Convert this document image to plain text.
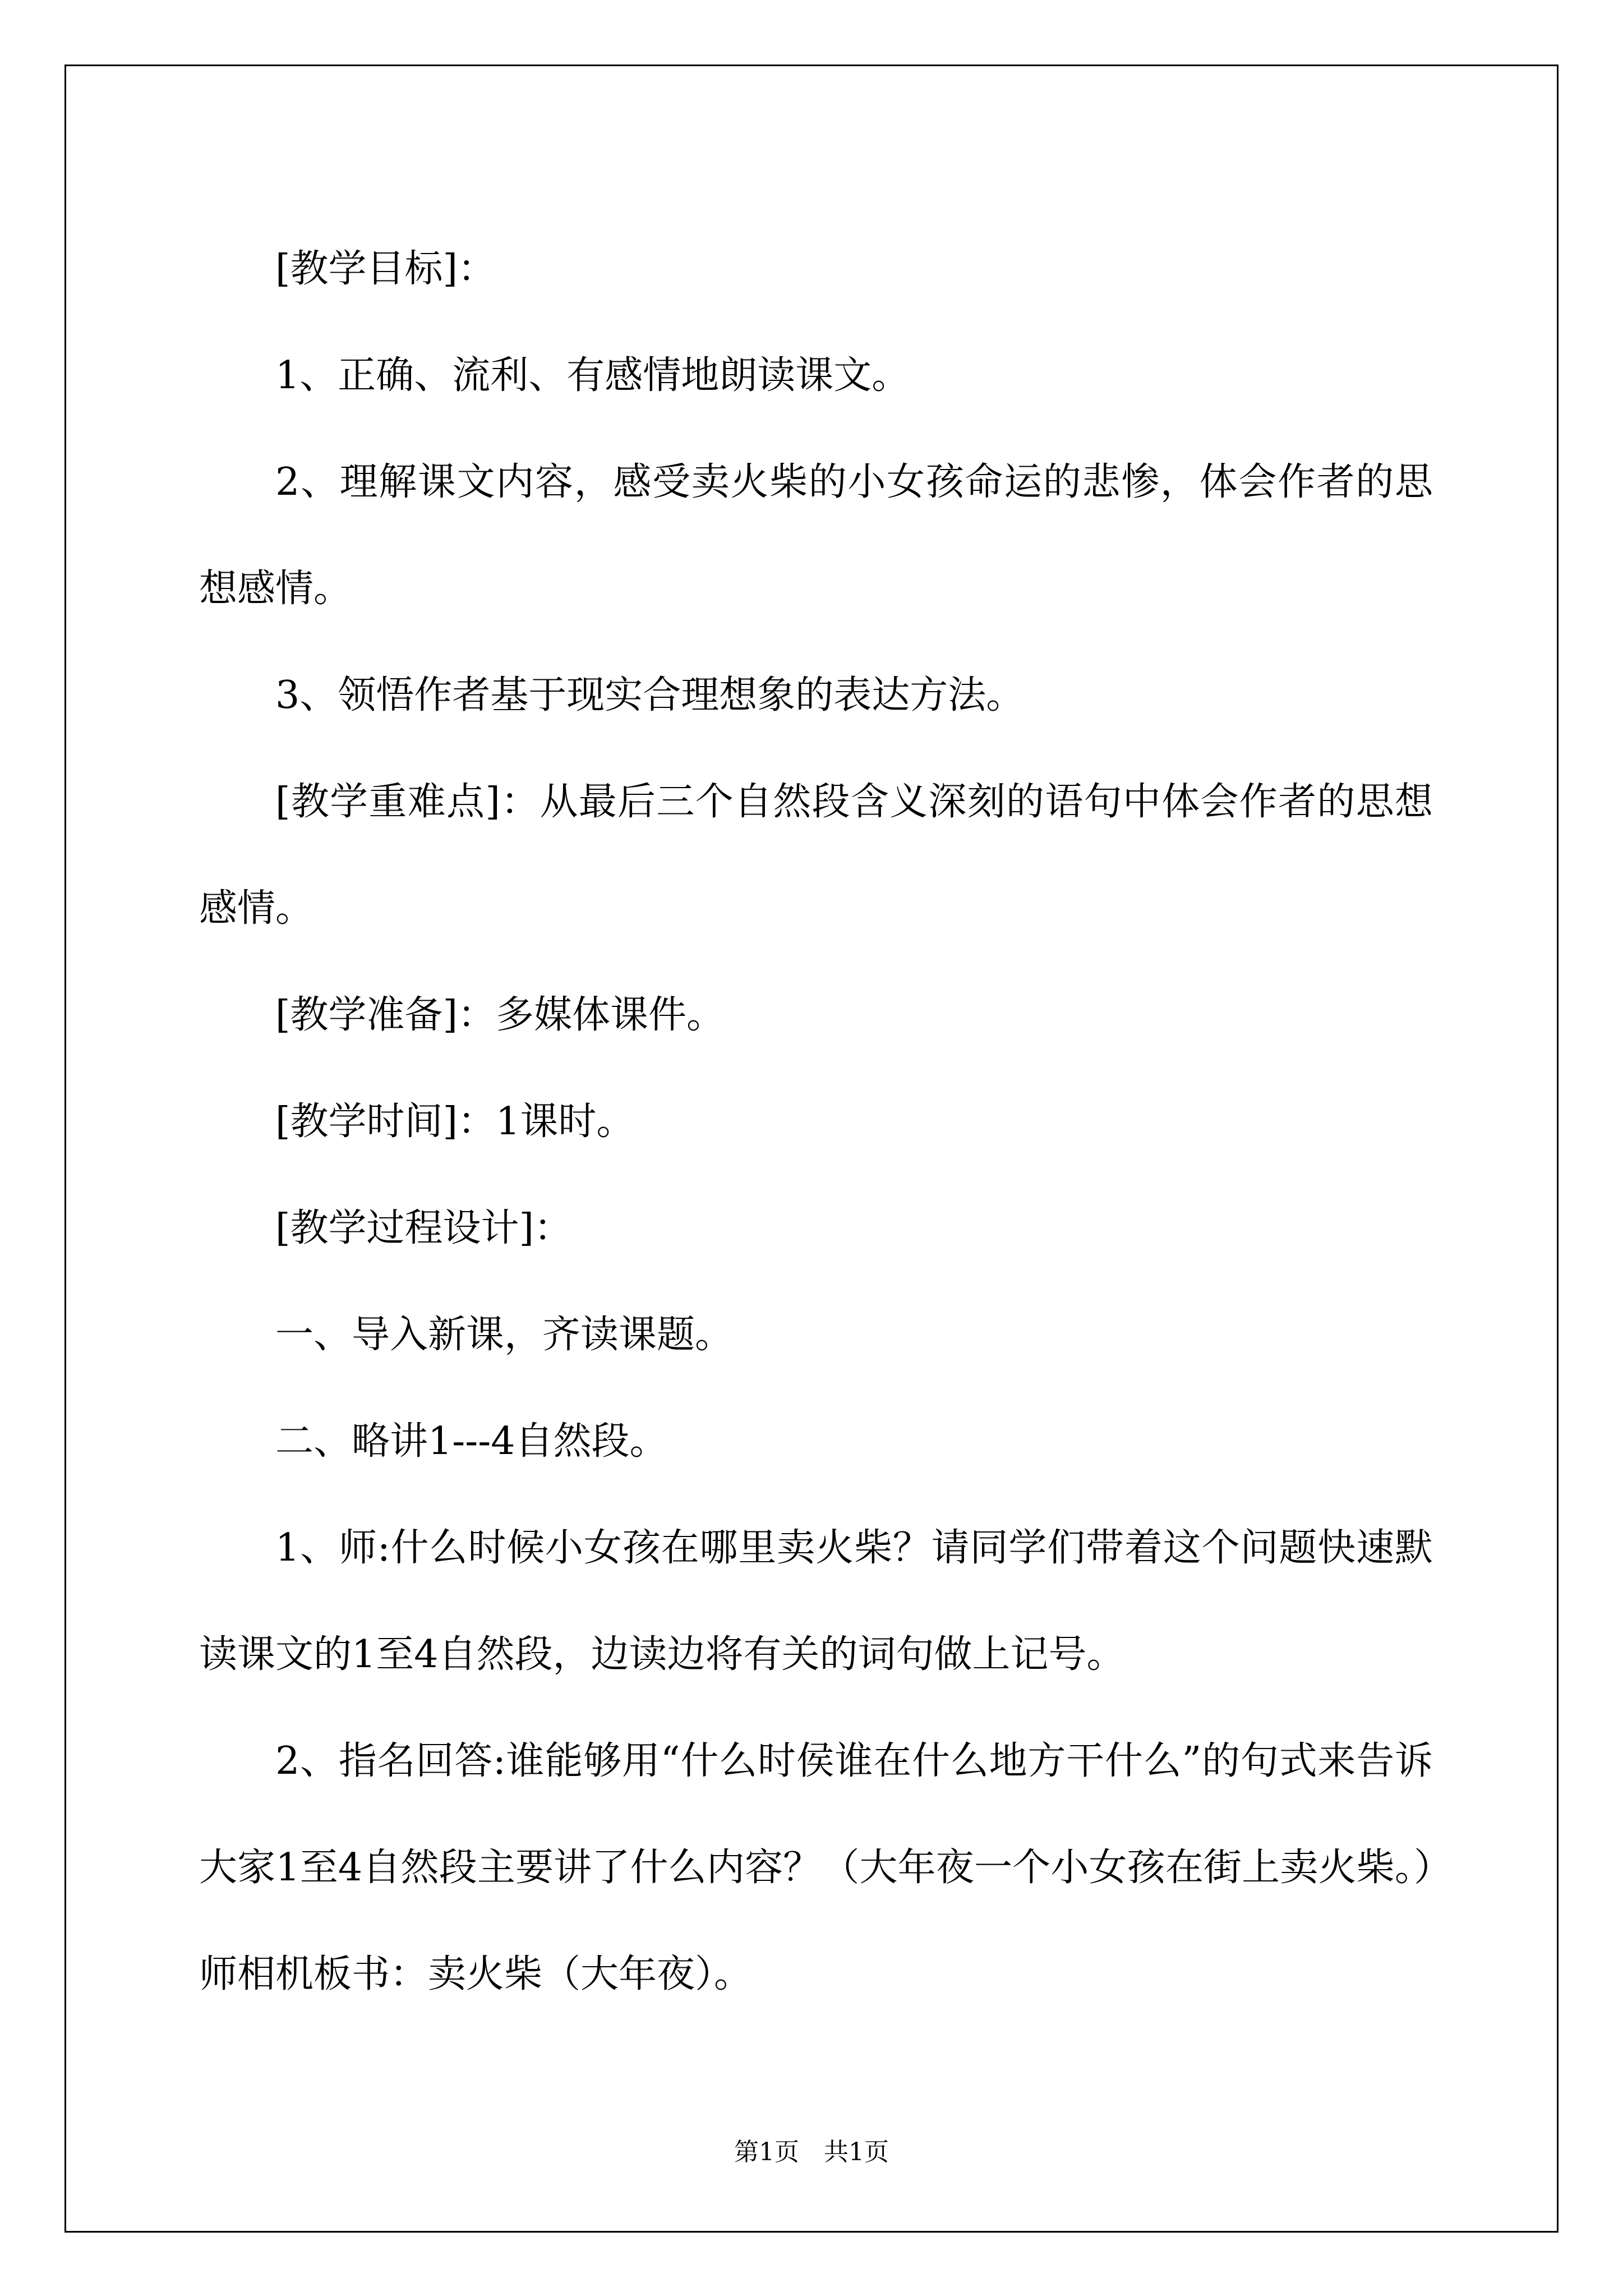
[教学目标]：

1、正确、流利、有感情地朗读课文。

2、理解课文内容，感受卖火柴的小女孩命运的悲惨，体会作者的思想感情。

3、领悟作者基于现实合理想象的表达方法。

[教学重难点]：从最后三个自然段含义深刻的语句中体会作者的思想感情。

[教学准备]：多媒体课件。

[教学时间]：1课时。

[教学过程设计]：

一、导入新课，齐读课题。

二、略讲1---4自然段。

1、师:什么时候小女孩在哪里卖火柴？请同学们带着这个问题快速默读课文的1至4自然段，边读边将有关的词句做上记号。

2、指名回答:谁能够用“什么时侯谁在什么地方干什么”的句式来告诉大家1至4自然段主要讲了什么内容？（大年夜一个小女孩在街上卖火柴。）师相机板书：卖火柴（大年夜）。

第1页　共1页
